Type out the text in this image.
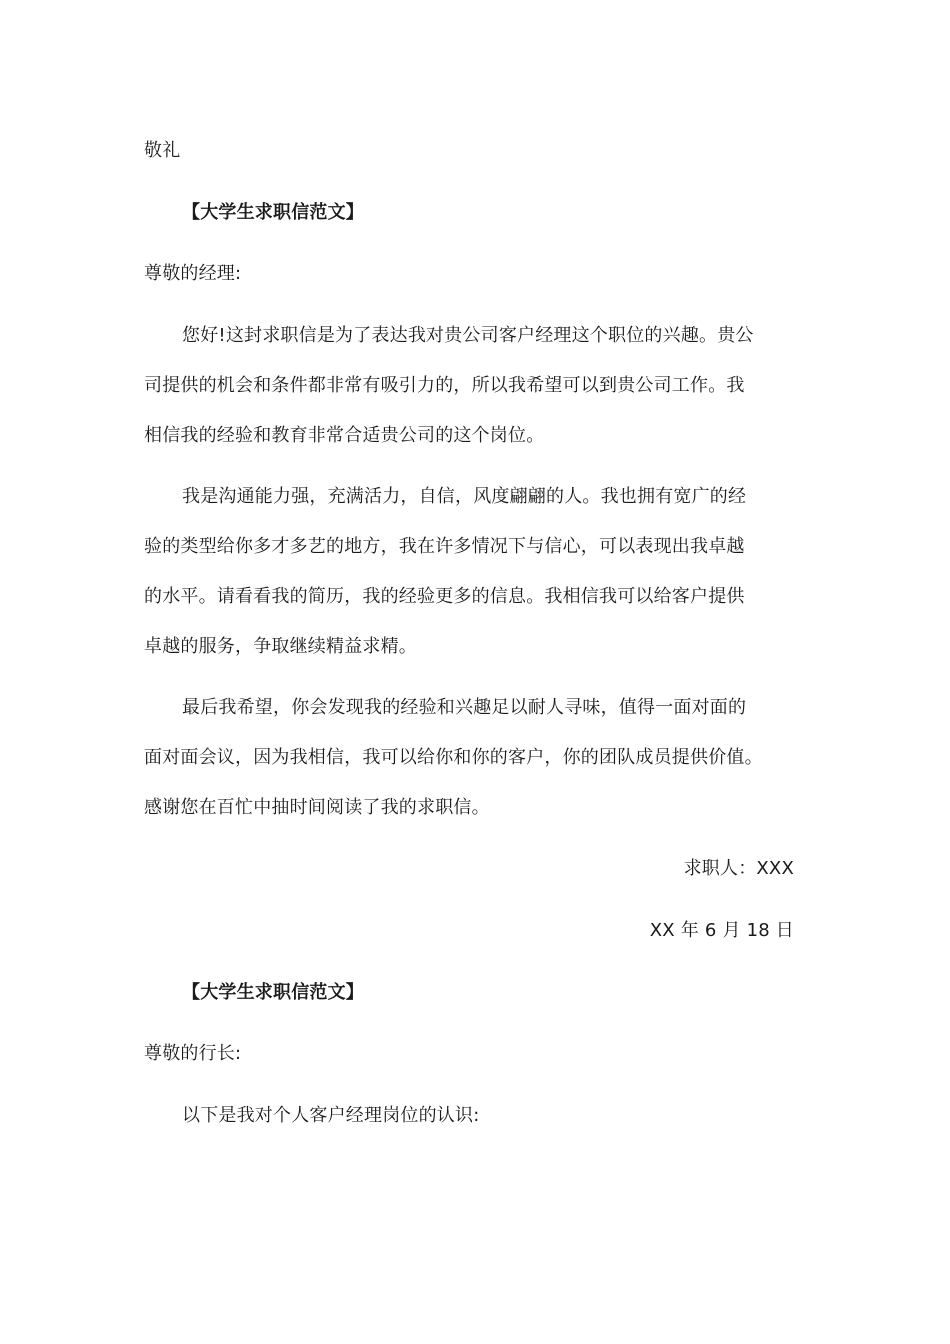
敬礼
【大学生求职信范文】
尊敬的经理:
您好!这封求职信是为了表达我对贵公司客户经理这个职位的兴趣。贵公
司提供的机会和条件都非常有吸引力的，所以我希望可以到贵公司工作。我
相信我的经验和教育非常合适贵公司的这个岗位。
我是沟通能力强，充满活力，自信，风度翩翩的人。我也拥有宽广的经
验的类型给你多才多艺的地方，我在许多情况下与信心，可以表现出我卓越
的水平。请看看我的简历，我的经验更多的信息。我相信我可以给客户提供
卓越的服务，争取继续精益求精。
最后我希望，你会发现我的经验和兴趣足以耐人寻味，值得一面对面的
面对面会议，因为我相信，我可以给你和你的客户，你的团队成员提供价值。
感谢您在百忙中抽时间阅读了我的求职信。
求职人：XXX
XX 年 6 月 18 日
【大学生求职信范文】
尊敬的行长:
以下是我对个人客户经理岗位的认识:
